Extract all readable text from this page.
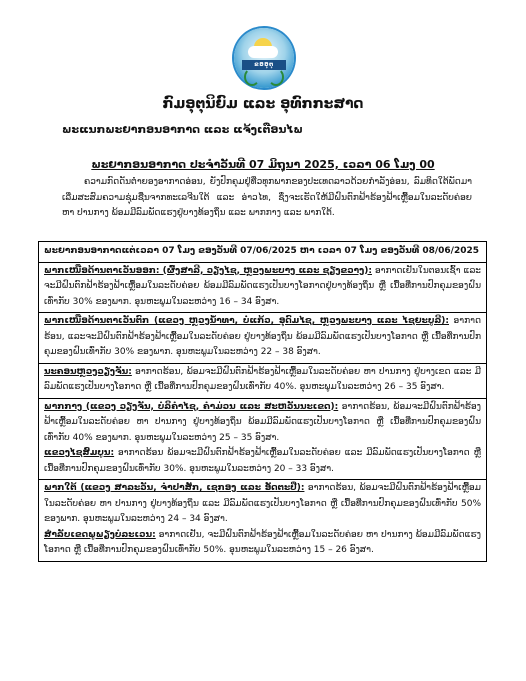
ຂອອຸຕຸ
ກົມອຸຕຸນິຍົມ ແລະ ອຸທົກກະສາດ
ພະແນກພະຍາກອນອາກາດ ແລະ ແຈ້ງເຕືອນໄພ
ພະຍາກອນອາກາດ ປະຈຳວັນທີ 07 ມິຖຸນາ 2025, ເວລາ 06 ໂມງ 00

ຄວາມກົດດັນຕໍ່າຍອງອາກາດອ່ອນ, ຍັງປົກຄຸມຢູ່ທີ່ວທຸກພາກຂອງປະເທດລາວດ້ວຍກຳລັງອ່ອນ, ລົມທິດໃຕ້ພັດມາເລີ່ມສະສົມຄວາມຊຸ່ມຊື່ນຈາກທະເລຈີນໃຕ້ ແລະ ອ່າວໄທ, ຊຶ່ງຈະເຮັດໃຫ້ມີຝົນຕົກຟ້າຮ້ອງຟ້າເຫຼື້ອມໃນລະດັບຄ່ອຍ ຫາ ປານກາງ ພ້ອມມີລົມພັດແຮງຢູ່ບາງທ້ອງຖິ່ນ ແລະ ພາກກາງ ແລະ ພາກໃຕ້.

ພະຍາກອນອາກາດແຕ່ເວລາ 07 ໂມງ ຂອງວັນທີ 07/06/2025 ຫາ ເວລາ 07 ໂມງ ຂອງວັນທີ 08/06/2025
ພາກເໜືອດ້ານຕາເວັນອອກ: (ຜົ້ງສາລີ, ວຽງໄຊ, ຫຼວງພະບາງ ແລະ ຊຽງຂວາງ): ອາກາດເຢັນໃນຕອນເຊົ້າ ແລະ ຈະມີຝົນຕົກຟ້າຮ້ອງຟ້າເຫຼື້ອມໃນລະດັບຄ່ອຍ ພ້ອມມີລົມພັດແຮງເປັນບາງໂອກາດຢູ່ບາງທ້ອງຖິ່ນ ຫຼື ເນື້ອທີ່ການປົກຄຸມຂອງຝົນເທົ່າກັບ 30% ຂອງພາກ. ອຸນຫະພູມໃນລະຫວ່າງ 16 – 34 ອົງສາ.
ພາກເໜືອດ້ານຕາເວັນຕົກ (ແຂວງ ຫຼວງນ້ຳທາ, ບໍ່ແກ້ວ, ອຸດົມໄຊ, ຫຼວງພະບາງ ແລະ ໄຊຍະບູລີ): ອາກາດຮ້ອນ, ແລະຈະມີຝົນຕົກຟ້າຮ້ອງຟ້າເຫຼື້ອມໃນລະດັບຄ່ອຍ ຢູ່ບາງທ້ອງຖິ່ນ ພ້ອມມີລົມພັດແຮງເປັນບາງໂອກາດ ຫຼື ເນື້ອທີ່ການປົກຄຸມຂອງຝົນເທົ່າກັບ 30% ຂອງພາກ. ອຸນຫະພູມໃນລະຫວ່າງ 22 – 38 ອົງສາ.
ນະຄອນຫຼວງວຽງຈັນ: ອາກາດຮ້ອນ, ພ້ອມຈະມີຝົນຕົກຟ້າຮ້ອງຟ້າເຫຼື້ອມໃນລະດັບຄ່ອຍ ຫາ ປານກາງ ຢູ່ບາງເຂດ ແລະ ມີລົມພັດແຮງເປັນບາງໂອກາດ ຫຼື ເນື້ອທີ່ການປົກຄຸມຂອງຝົນເທົ່າກັບ 40%. ອຸນຫະພູມໃນລະຫວ່າງ 26 – 35 ອົງສາ.
ພາກກາງ (ແຂວງ ວຽງຈັນ, ບໍລິຄຳໄຊ, ຄຳມ່ວນ ແລະ ສະຫວັນນະເຂດ): ອາກາດຮ້ອນ, ພ້ອມຈະມີຝົນຕົກຟ້າຮ້ອງຟ້າເຫຼື້ອມໃນລະດັບຄ່ອຍ ຫາ ປານກາງ ຢູ່ບາງທ້ອງຖິ່ນ ພ້ອມມີລົມພັດແຮງເປັນບາງໂອກາດ ຫຼື ເນື້ອທີ່ການປົກຄຸມຂອງຝົນເທົ່າກັບ 40% ຂອງພາກ. ອຸນຫະພູມໃນລະຫວ່າງ 25 – 35 ອົງສາ.
ແຂວງໄຊສົມບູນ: ອາກາດຮ້ອນ ພ້ອມຈະມີຝົນຕົກຟ້າຮ້ອງຟ້າເຫຼື້ອມໃນລະດັບຄ່ອຍ ແລະ ມີລົມພັດແຮງເປັນບາງໂອກາດ ຫຼື ເນື້ອທີ່ການປົກຄຸມຂອງຝົນເທົ່າກັບ 30%. ອຸນຫະພູມໃນລະຫວ່າງ 20 – 33 ອົງສາ.
ພາກໃຕ້ (ແຂວງ ສາລະວັນ, ຈຳປາສັກ, ເຊກອງ ແລະ ອັດຕະປື): ອາກາດຮ້ອນ, ພ້ອມຈະມີຝົນຕົກຟ້າຮ້ອງຟ້າເຫຼື້ອມໃນລະດັບຄ່ອຍ ຫາ ປານກາງ ຢູ່ບາງທ້ອງຖິ່ນ ແລະ ມີລົມພັດແຮງເປັນບາງໂອກາດ ຫຼື ເນື້ອທີ່ການປົກຄຸມຂອງຝົນເທົ່າກັບ 50% ຂອງພາກ. ອຸນຫະພູມໃນລະຫວ່າງ 24 – 34 ອົງສາ.
ສຳລັບເຂດພູພຽງບໍລະເວນ: ອາກາດເຢັນ, ຈະມີຝົນຕົກຟ້າຮ້ອງຟ້າເຫຼື້ອມໃນລະດັບຄ່ອຍ ຫາ ປານກາງ ພ້ອມມີລົມພັດແຮງໂອກາດ ຫຼື ເນື້ອທີ່ການປົກຄຸມຂອງຝົນເທົ່າກັບ 50%. ອຸນຫະພູມໃນລະຫວ່າງ 15 – 26 ອົງສາ.
